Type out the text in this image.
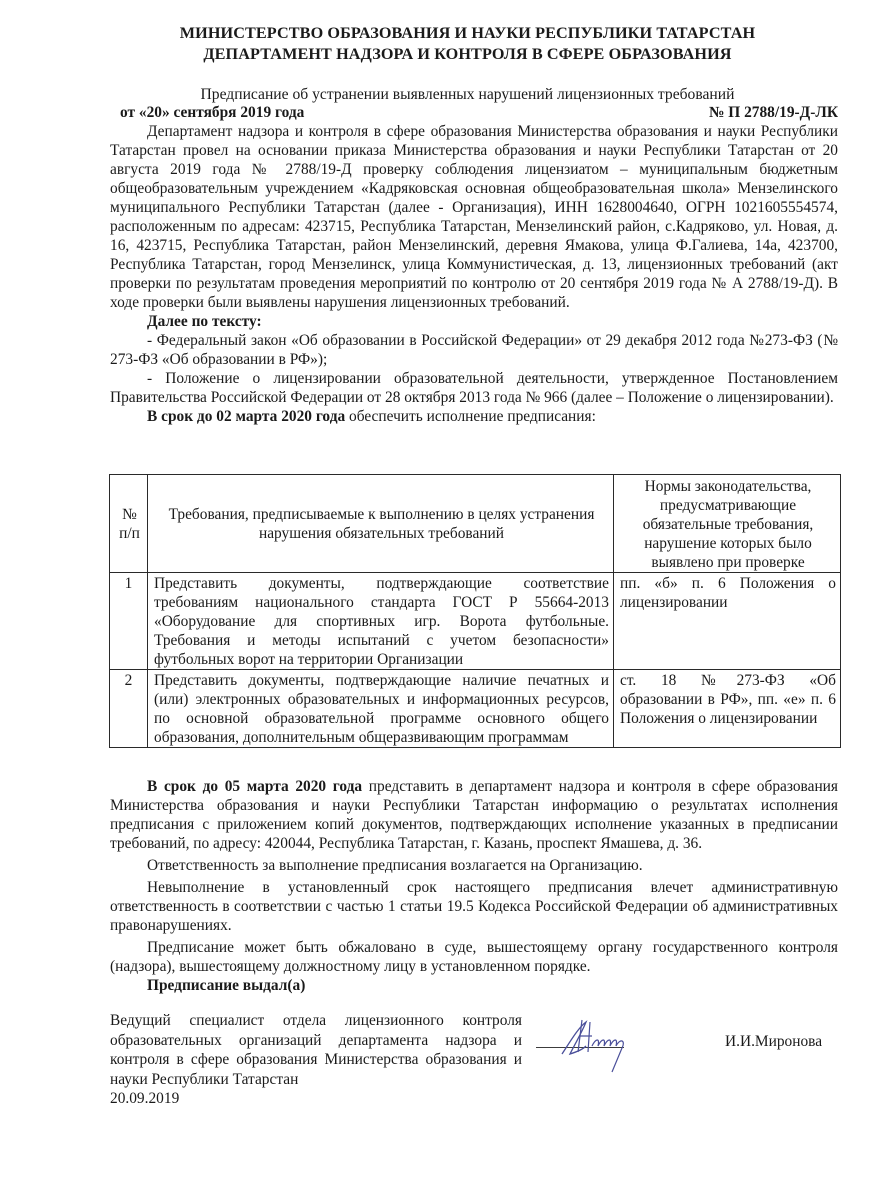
МИНИСТЕРСТВО ОБРАЗОВАНИЯ И НАУКИ РЕСПУБЛИКИ ТАТАРСТАН
ДЕПАРТАМЕНТ НАДЗОРА И КОНТРОЛЯ В СФЕРЕ ОБРАЗОВАНИЯ
Предписание об устранении выявленных нарушений лицензионных требований
от «20» сентября 2019 года	№ П 2788/19-Д-ЛК

Департамент надзора и контроля в сфере образования Министерства образования и науки Республики Татарстан провел на основании приказа Министерства образования и науки Республики Татарстан от 20 августа 2019 года № 2788/19-Д проверку соблюдения лицензиатом – муниципальным бюджетным общеобразовательным учреждением «Кадряковская основная общеобразовательная школа» Мензелинского муниципального Республики Татарстан (далее - Организация), ИНН 1628004640, ОГРН 1021605554574, расположенным по адресам: 423715, Республика Татарстан, Мензелинский район, с.Кадряково, ул. Новая, д. 16, 423715, Республика Татарстан, район Мензелинский, деревня Ямакова, улица Ф.Галиева, 14а, 423700, Республика Татарстан, город Мензелинск, улица Коммунистическая, д. 13, лицензионных требований (акт проверки по результатам проведения мероприятий по контролю от 20 сентября 2019 года № А 2788/19-Д). В ходе проверки были выявлены нарушения лицензионных требований.

Далее по тексту:

- Федеральный закон «Об образовании в Российской Федерации» от 29 декабря 2012 года №273-ФЗ (№ 273-ФЗ «Об образовании в РФ»);

- Положение о лицензировании образовательной деятельности, утвержденное Постановлением Правительства Российской Федерации от 28 октября 2013 года № 966 (далее – Положение о лицензировании).

В срок до 02 марта 2020 года обеспечить исполнение предписания:

№ п/п	Требования, предписываемые к выполнению в целях устранения нарушения обязательных требований	Нормы законодательства, предусматривающие обязательные требования, нарушение которых было выявлено при проверке
1	Представить документы, подтверждающие соответствие требованиям национального стандарта ГОСТ Р 55664-2013 «Оборудование для спортивных игр. Ворота футбольные. Требования и методы испытаний с учетом безопасности» футбольных ворот на территории Организации	пп. «б» п. 6 Положения о лицензировании
2	Представить документы, подтверждающие наличие печатных и (или) электронных образовательных и информационных ресурсов, по основной образовательной программе основного общего образования, дополнительным общеразвивающим программам	ст. 18 №273-ФЗ «Об образовании в РФ», пп. «е» п. 6 Положения о лицензировании

В срок до 05 марта 2020 года представить в департамент надзора и контроля в сфере образования Министерства образования и науки Республики Татарстан информацию о результатах исполнения предписания с приложением копий документов, подтверждающих исполнение указанных в предписании требований, по адресу: 420044, Республика Татарстан, г. Казань, проспект Ямашева, д. 36.

Ответственность за выполнение предписания возлагается на Организацию.

Невыполнение в установленный срок настоящего предписания влечет административную ответственность в соответствии с частью 1 статьи 19.5 Кодекса Российской Федерации об административных правонарушениях.

Предписание может быть обжаловано в суде, вышестоящему органу государственного контроля (надзора), вышестоящему должностному лицу в установленном порядке.

Предписание выдал(а)

Ведущий специалист отдела лицензионного контроля образовательных организаций департамента надзора и контроля в сфере образования Министерства образования и науки Республики Татарстан
20.09.2019
И.И.Миронова
